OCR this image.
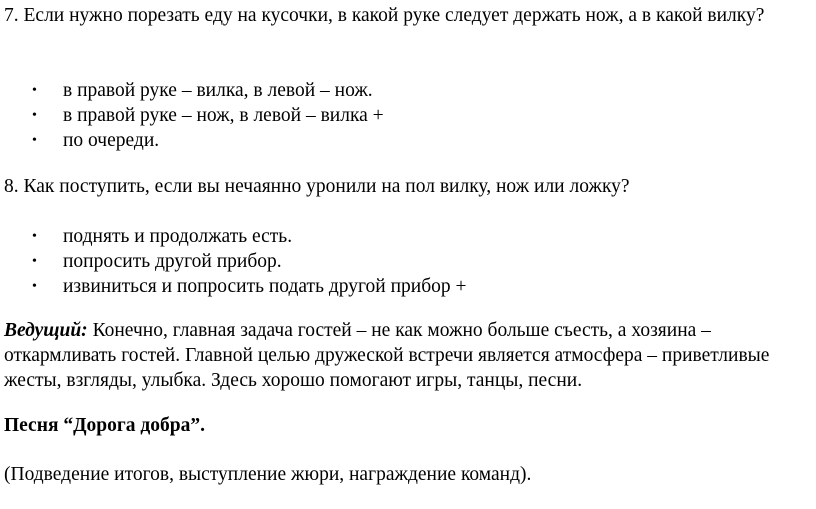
7. Если нужно порезать еду на кусочки, в какой руке следует держать нож, а в какой вилку?

• в правой руке – вилка, в левой – нож.
• в правой руке – нож, в левой – вилка +
• по очереди.

8. Как поступить, если вы нечаянно уронили на пол вилку, нож или ложку?

• поднять и продолжать есть.
• попросить другой прибор.
• извиниться и попросить подать другой прибор +

Ведущий: Конечно, главная задача гостей – не как можно больше съесть, а хозяина – откармливать гостей. Главной целью дружеской встречи является атмосфера – приветливые жесты, взгляды, улыбка. Здесь хорошо помогают игры, танцы, песни.

Песня “Дорога добра”.

(Подведение итогов, выступление жюри, награждение команд).
